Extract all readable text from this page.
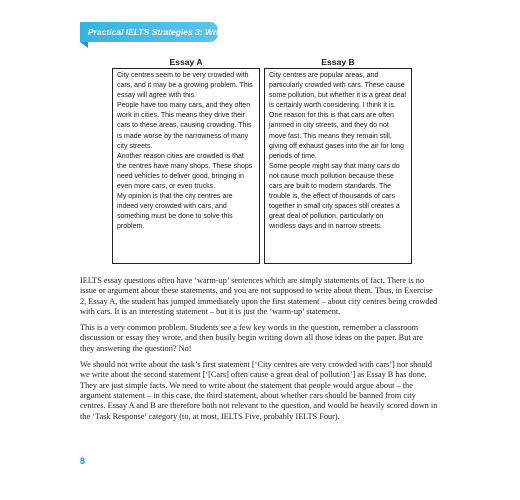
Practical IELTS Strategies 3: Writing
Essay A

City centres seem to be very crowded with cars, and it may be a growing problem. This essay will agree with this.

People have too many cars, and they often work in cities. This means they drive their cars to these areas, causing crowding. This is made worse by the narrowness of many city streets.

Another reason cities are crowded is that the centres have many shops. These shops need vehicles to deliver good, bringing in even more cars, or even trucks.

My opinion is that the city centres are indeed very crowded with cars, and something must be done to solve this problem.

Essay B

City centres are popular areas, and particularly crowded with cars. These cause some pollution, but whether it is a great deal is certainly worth considering. I think it is.

One reason for this is that cars are often jammed in city streets, and they do not move fast. This means they remain still, giving off exhaust gases into the air for long periods of time.

Some people might say that many cars do not cause much pollution because these cars are built to modern standards. The trouble is, the effect of thousands of cars together in small city spaces still creates a great deal of pollution, particularly on windless days and in narrow streets.

IELTS essay questions often have ‘warm-up’ sentences which are simply statements of fact. There is no issue or argument about these statements, and you are not supposed to write about them. Thus, in Exercise 2, Essay A, the student has jumped immediately upon the first statement – about city centres being crowded with cars. It is an interesting statement – but it is just the ‘warm-up’ statement.

This is a very common problem. Students see a few key words in the question, remember a classroom discussion or essay they wrote, and then busily begin writing down all those ideas on the paper. But are they answering the question? No!

We should not write about the task’s first statement [‘City centres are very crowded with cars’] nor should we write about the second statement [‘[Cars] often cause a great deal of pollution’] as Essay B has done. They are just simple facts. We need to write about the statement that people would argue about – the argument statement – in this case, the third statement, about whether cars should be banned from city centres. Essay A and B are therefore both not relevant to the question, and would be heavily scored down in the ‘Task Response’ category (to, at most, IELTS Five, probably IELTS Four).

8
